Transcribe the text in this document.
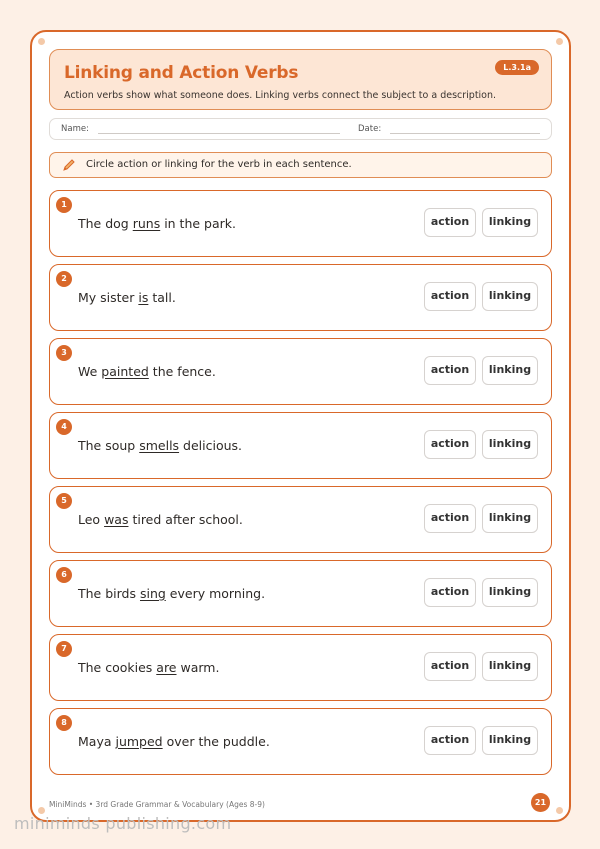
Linking and Action Verbs	L.3.1a
Action verbs show what someone does. Linking verbs connect the subject to a description.
Name:	Date:
Circle action or linking for the verb in each sentence.
1
The dog runs in the park.	action	linking
2
My sister is tall.	action	linking
3
We painted the fence.	action	linking
4
The soup smells delicious.	action	linking
5
Leo was tired after school.	action	linking
6
The birds sing every morning.	action	linking
7
The cookies are warm.	action	linking
8
Maya jumped over the puddle.	action	linking
MiniMinds • 3rd Grade Grammar & Vocabulary (Ages 8-9)	21
miniminds publishing.com
